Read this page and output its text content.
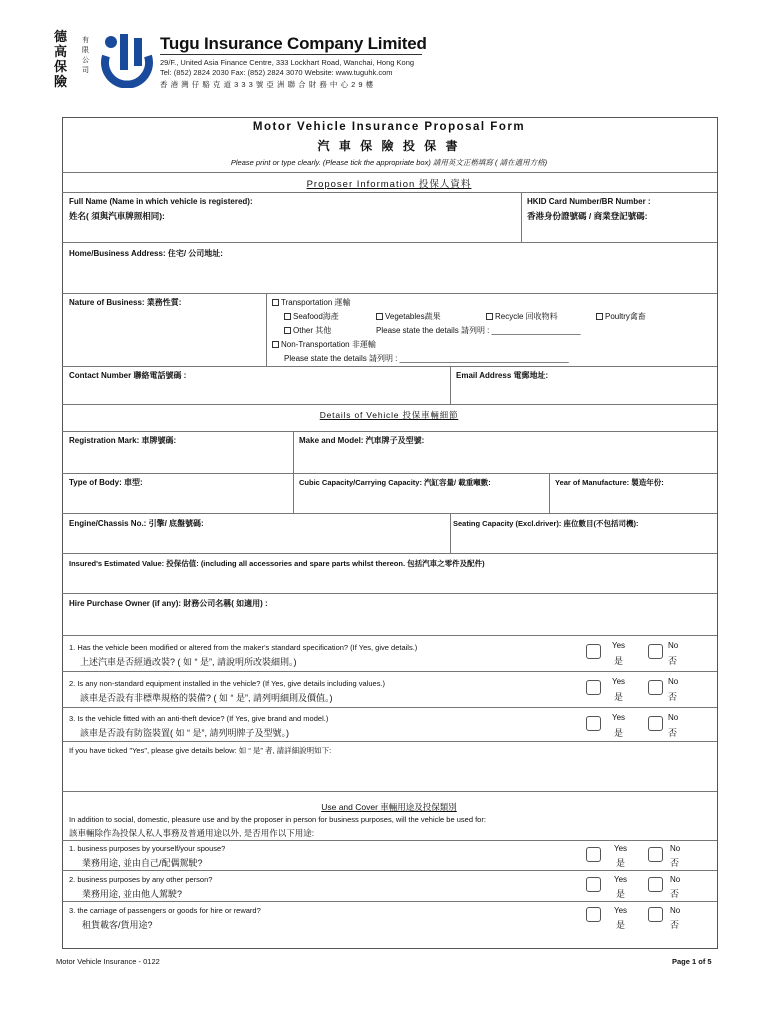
德
高
保
險
有
限
公
司
Tugu Insurance Company Limited
29/F., United Asia Finance Centre, 333 Lockhart Road, Wanchai, Hong Kong
Tel: (852) 2824 2030 Fax: (852) 2824 3070 Website: www.tuguhk.com
香 港 灣 仔 駱 克 道 3 3 3 號 亞 洲 聯 合 財 務 中 心 2 9 樓
Motor Vehicle Insurance Proposal Form
汽 車 保 險 投 保 書
Please print or type clearly. (Please tick the appropriate box) 請用英文正楷填寫 ( 請在適用方格)
Proposer Information 投保人資料
Full Name (Name in which vehicle is registered):
姓名( 須與汽車牌照相同):
HKID Card Number/BR Number :
香港身份證號碼 / 商業登記號碼:
Home/Business Address: 住宅/ 公司地址:
Nature of Business: 業務性質:	Transportation 運輸
Seafood海產	Vegetables蔬果	Recycle 回收物料	Poultry禽畜
Other 其他	Please state the details 請列明 : ____________________
Non-Transportation 非運輸
Please state the details 請列明 : ______________________________________
Contact Number 聯絡電話號碼 :	Email Address 電郵地址:
Details of Vehicle 投保車輛細節
Registration Mark: 車牌號碼:	Make and Model: 汽車牌子及型號:
Type of Body: 車型:	Cubic Capacity/Carrying Capacity: 汽缸容量/ 載重噸數:	Year of Manufacture: 製造年份:
Engine/Chassis No.: 引擎/ 底盤號碼:	Seating Capacity (Excl.driver): 座位數目(不包括司機):
Insured's Estimated Value: 投保估值: (including all accessories and spare parts whilst thereon. 包括汽車之零件及配件)
Hire Purchase Owner (if any): 財務公司名稱( 如適用) :
1. Has the vehicle been modified or altered from the maker's standard specification? (If Yes, give details.)
上述汽車是否經過改裝? ( 如 “ 是”, 請說明所改裝細則。)
Yes
是
No
否
2. Is any non-standard equipment installed in the vehicle? (If Yes, give details including values.)
該車是否設有非標準規格的裝備? ( 如 “ 是”, 請列明細則及價值。)
Yes
是
No
否
3. Is the vehicle fitted with an anti-theft device? (If Yes, give brand and model.)
該車是否設有防盜裝置( 如 “ 是”, 請列明牌子及型號。)
Yes
是
No
否
If you have ticked "Yes", please give details below: 如 “ 是” 者, 請詳細說明如下:
Use and Cover 車輛用途及投保類別
In addition to social, domestic, pleasure use and by the proposer in person for business purposes, will the vehicle be used for:
該車輛除作為投保人私人事務及普通用途以外, 是否用作以下用途:
1. business purposes by yourself/your spouse?
業務用途, 並由自己/配偶駕駛?
Yes
是
No
否
2. business purposes by any other person?
業務用途, 並由他人駕駛?
Yes
是
No
否
3. the carriage of passengers or goods for hire or reward?
租貨載客/貨用途?
Yes
是
No
否
Motor Vehicle Insurance - 0122	Page 1 of 5
